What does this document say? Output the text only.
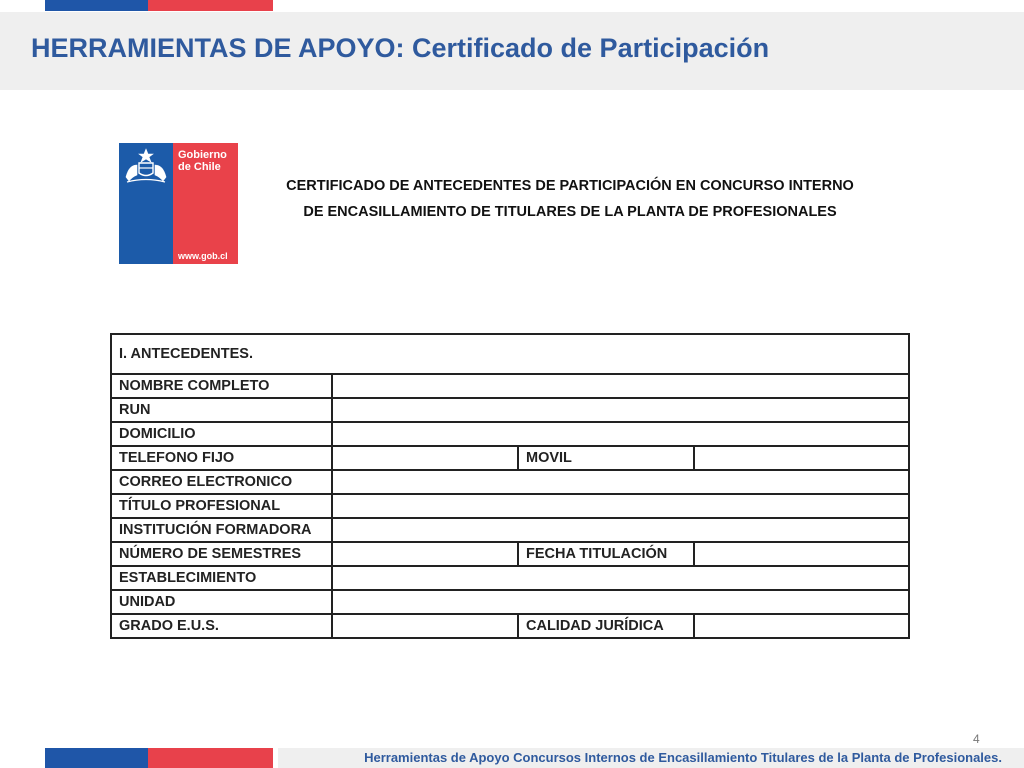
HERRAMIENTAS DE APOYO: Certificado de Participación
Gobierno
de Chile
www.gob.cl
CERTIFICADO DE ANTECEDENTES DE PARTICIPACIÓN EN CONCURSO INTERNO
DE ENCASILLAMIENTO DE TITULARES DE LA PLANTA DE PROFESIONALES
I. ANTECEDENTES.			
NOMBRE COMPLETO			
RUN			
DOMICILIO			
TELEFONO FIJO		MOVIL	
CORREO ELECTRONICO			
TÍTULO PROFESIONAL			
INSTITUCIÓN FORMADORA			
NÚMERO DE SEMESTRES		FECHA TITULACIÓN	
ESTABLECIMIENTO			
UNIDAD			
GRADO E.U.S.		CALIDAD JURÍDICA	
4
Herramientas de Apoyo Concursos Internos de Encasillamiento Titulares de la Planta de Profesionales.
